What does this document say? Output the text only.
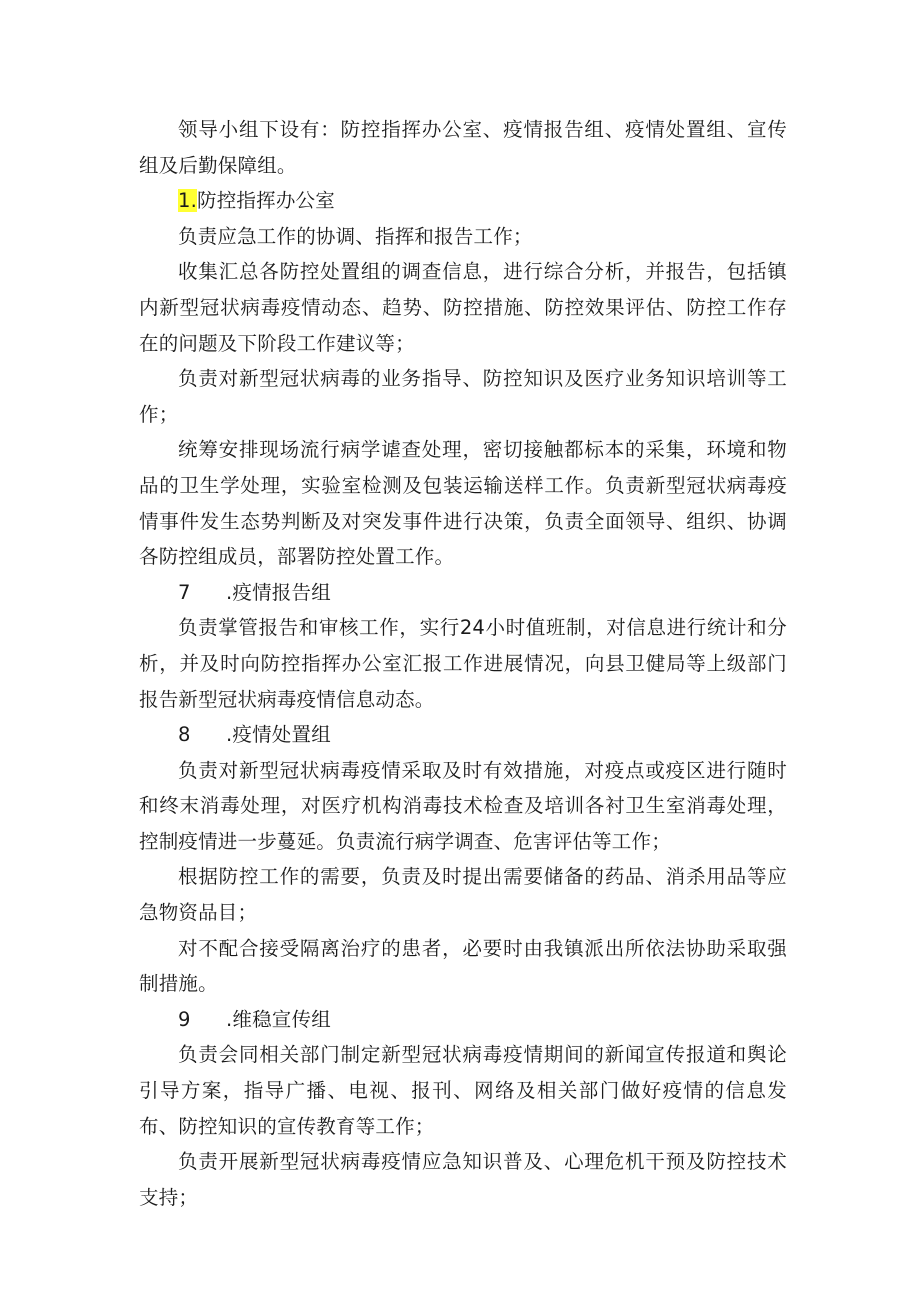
领导小组下设有：防控指挥办公室、疫情报告组、疫情处置组、宣传组及后勤保障组。

1.防控指挥办公室

负责应急工作的协调、指挥和报告工作；

收集汇总各防控处置组的调查信息，进行综合分析，并报告，包括镇内新型冠状病毒疫情动态、趋势、防控措施、防控效果评估、防控工作存在的问题及下阶段工作建议等；

负责对新型冠状病毒的业务指导、防控知识及医疗业务知识培训等工作；

统筹安排现场流行病学谑查处理，密切接触都标本的采集，环境和物品的卫生学处理，实验室检测及包装运输送样工作。负责新型冠状病毒疫情事件发生态势判断及对突发事件进行决策，负责全面领导、组织、协调各防控组成员，部署防控处置工作。

7 .疫情报告组

负责掌管报告和审核工作，实行24小时值班制，对信息进行统计和分析，并及时向防控指挥办公室汇报工作进展情况，向县卫健局等上级部门报告新型冠状病毒疫情信息动态。

8 .疫情处置组

负责对新型冠状病毒疫情采取及时有效措施，对疫点或疫区进行随时和终末消毒处理，对医疗机构消毒技术检查及培训各衬卫生室消毒处理，控制疫情进一步蔓延。负责流行病学调查、危害评估等工作；

根据防控工作的需要，负责及时提出需要储备的药品、消杀用品等应急物资品目；

对不配合接受隔离治疗的患者，必要时由我镇派出所依法协助采取强制措施。

9 .维稳宣传组

负责会同相关部门制定新型冠状病毒疫情期间的新闻宣传报道和舆论引导方案，指导广播、电视、报刊、网络及相关部门做好疫情的信息发布、防控知识的宣传教育等工作；

负责开展新型冠状病毒疫情应急知识普及、心理危机干预及防控技术支持；
